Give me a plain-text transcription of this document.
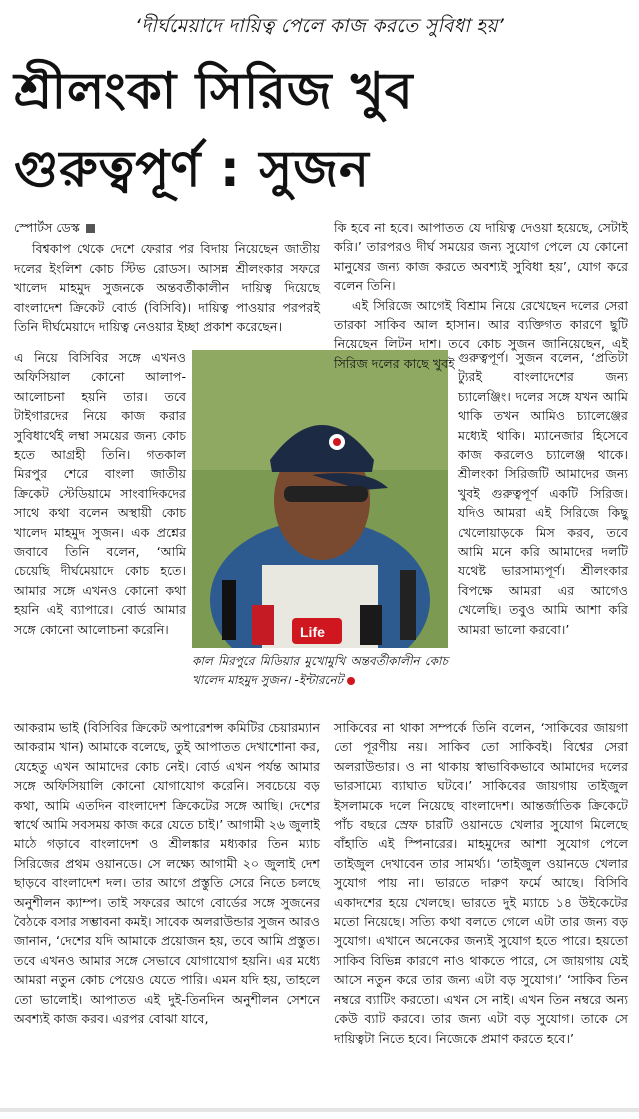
‘দীর্ঘমেয়াদে দায়িত্ব পেলে কাজ করতে সুবিধা হয়’
শ্রীলংকা সিরিজ খুব
গুরুত্বপূর্ণ : সুজন
স্পোর্টস ডেস্ক

বিশ্বকাপ থেকে দেশে ফেরার পর বিদায় নিয়েছেন জাতীয় দলের ইংলিশ কোচ স্টিভ রোডস। আসন্ন শ্রীলংকার সফরে খালেদ মাহমুদ সুজনকে অন্তবর্তীকালীন দায়িত্ব দিয়েছে বাংলাদেশ ক্রিকেট বোর্ড (বিসিবি)। দায়িত্ব পাওয়ার পরপরই তিনি দীর্ঘমেয়াদে দায়িত্ব নেওয়ার ইচ্ছা প্রকাশ করেছেন।

এ নিয়ে বিসিবির সঙ্গে এখনও অফিসিয়াল কোনো আলাপ-আলোচনা হয়নি তার। তবে টাইগারদের নিয়ে কাজ করার সুবিধার্থেই লম্বা সময়ের জন্য কোচ হতে আগ্রহী তিনি। গতকাল মিরপুর শেরে বাংলা জাতীয় ক্রিকেট স্টেডিয়ামে সাংবাদিকদের সাথে কথা বলেন অস্থায়ী কোচ খালেদ মাহমুদ সুজন। এক প্রশ্নের জবাবে তিনি বলেন, ‘আমি চেয়েছি দীর্ঘমেয়াদে কোচ হতে। আমার সঙ্গে এখনও কোনো কথা হয়নি এই ব্যাপারে। বোর্ড আমার সঙ্গে কোনো আলোচনা করেনি।	Life
কাল মিরপুরে মিডিয়ার মুখোমুখি অন্তবর্তীকালীন কোচ খালেদ মাহমুদ সুজন। -ইন্টারনেট

আকরাম ভাই (বিসিবির ক্রিকেট অপারেশন্স কমিটির চেয়ারম্যান আকরাম খান) আমাকে বলেছে, তুই আপাতত দেখাশোনা কর, যেহেতু এখন আমাদের কোচ নেই। বোর্ড এখন পর্যন্ত আমার সঙ্গে অফিসিয়ালি কোনো যোগাযোগ করেনি। সবচেয়ে বড় কথা, আমি এতদিন বাংলাদেশ ক্রিকেটের সঙ্গে আছি। দেশের স্বার্থে আমি সবসময় কাজ করে যেতে চাই।’ আগামী ২৬ জুলাই মাঠে গড়াবে বাংলাদেশ ও শ্রীলঙ্কার মধ্যকার তিন ম্যাচ সিরিজের প্রথম ওয়ানডে। সে লক্ষ্যে আগামী ২০ জুলাই দেশ ছাড়বে বাংলাদেশ দল। তার আগে প্রস্তুতি সেরে নিতে চলছে অনুশীলন ক্যাম্প। তাই সফরের আগে বোর্ডের সঙ্গে সুজনের বৈঠকে বসার সম্ভাবনা কমই। সাবেক অলরাউন্ডার সুজন আরও জানান, ‘দেশের যদি আমাকে প্রয়োজন হয়, তবে আমি প্রস্তুত। তবে এখনও আমার সঙ্গে সেভাবে যোগাযোগ হয়নি। এর মধ্যে আমরা নতুন কোচ পেয়েও যেতে পারি। এমন যদি হয়, তাহলে তো ভালোই। আপাতত এই দুই-তিনদিন অনুশীলন সেশনে অবশ্যই কাজ করব। এরপর বোঝা যাবে,

কি হবে না হবে। আপাতত যে দায়িত্ব দেওয়া হয়েছে, সেটাই করি।’ তারপরও দীর্ঘ সময়ের জন্য সুযোগ পেলে যে কোনো মানুষের জন্য কাজ করতে অবশ্যই সুবিধা হয়’, যোগ করে বলেন তিনি।

এই সিরিজে আগেই বিশ্রাম নিয়ে রেখেছেন দলের সেরা তারকা সাকিব আল হাসান। আর ব্যক্তিগত কারণে ছুটি নিয়েছেন লিটন দাশ। তবে কোচ সুজন জানিয়েছেন, এই সিরিজ দলের কাছে খুবই গুরুত্বপূর্ণ। সুজন বলেন, ‘প্রতিটা ট্যুরই বাংলাদেশের জন্য চ্যালেঞ্জিং। দলের সঙ্গে যখন আমি থাকি তখন আমিও চ্যালেঞ্জের মধ্যেই থাকি। ম্যানেজার হিসেবে কাজ করলেও চ্যালেঞ্জ থাকে। শ্রীলংকা সিরিজটি আমাদের জন্য খুবই গুরুত্বপূর্ণ একটি সিরিজ। যদিও আমরা এই সিরিজে কিছু খেলোয়াড়কে মিস করব, তবে আমি মনে করি আমাদের দলটি যথেষ্ট ভারসাম্যপূর্ণ। শ্রীলংকার বিপক্ষে আমরা এর আগেও খেলেছি। তবুও আমি আশা করি আমরা ভালো করবো।’

সাকিবের না থাকা সম্পর্কে তিনি বলেন, ‘সাকিবের জায়গা তো পূরণীয় নয়। সাকিব তো সাকিবই। বিশ্বের সেরা অলরাউন্ডার। ও না থাকায় স্বাভাবিকভাবে আমাদের দলের ভারসাম্যে ব্যাঘাত ঘটবে।’ সাকিবের জায়গায় তাইজুল ইসলামকে দলে নিয়েছে বাংলাদেশ। আন্তর্জাতিক ক্রিকেটে পাঁচ বছরে স্রেফ চারটি ওয়ানডে খেলার সুযোগ মিলেছে বাঁহাতি এই স্পিনারের। মাহমুদের আশা সুযোগ পেলে তাইজুল দেখাবেন তার সামর্থ্য। ‘তাইজুল ওয়ানডে খেলার সুযোগ পায় না। ভারতে দারুণ ফর্মে আছে। বিসিবি একাদশের হয়ে খেলছে। ভারতে দুই ম্যাচে ১৪ উইকেটের মতো নিয়েছে। সত্যি কথা বলতে গেলে এটা তার জন্য বড় সুযোগ। এখানে অনেকের জন্যই সুযোগ হতে পারে। হয়তো সাকিব বিভিন্ন কারণে নাও থাকতে পারে, সে জায়গায় যেই আসে নতুন করে তার জন্য এটা বড় সুযোগ।’ ‘সাকিব তিন নম্বরে ব্যাটিং করতো। এখন সে নাই। এখন তিন নম্বরে অন্য কেউ ব্যাট করবে। তার জন্য এটা বড় সুযোগ। তাকে সে দায়িত্বটা নিতে হবে। নিজেকে প্রমাণ করতে হবে।’
